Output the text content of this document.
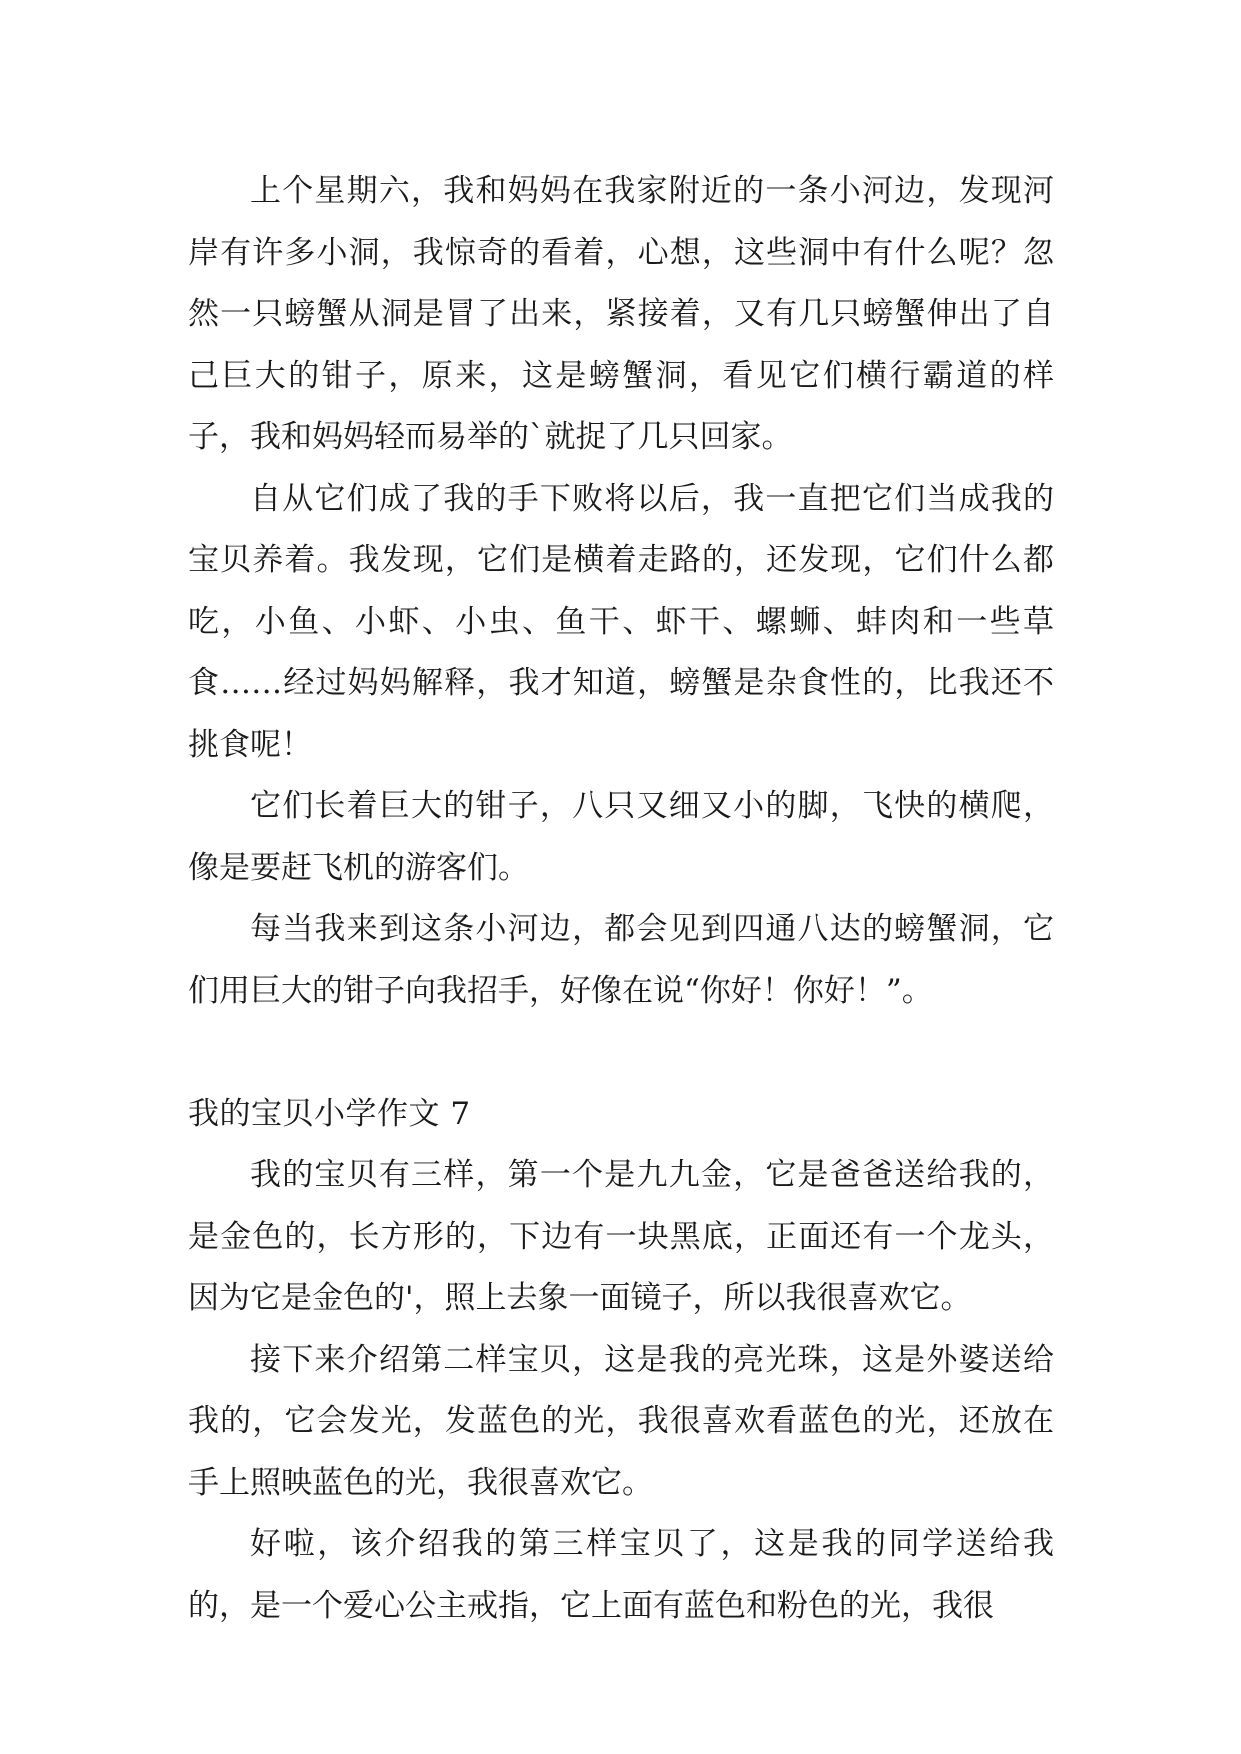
上个星期六，我和妈妈在我家附近的一条小河边，发现河岸有许多小洞，我惊奇的看着，心想，这些洞中有什么呢？忽然一只螃蟹从洞是冒了出来，紧接着，又有几只螃蟹伸出了自己巨大的钳子，原来，这是螃蟹洞，看见它们横行霸道的样子，我和妈妈轻而易举的`就捉了几只回家。

自从它们成了我的手下败将以后，我一直把它们当成我的宝贝养着。我发现，它们是横着走路的，还发现，它们什么都吃，小鱼、小虾、小虫、鱼干、虾干、螺蛳、蚌肉和一些草食……经过妈妈解释，我才知道，螃蟹是杂食性的，比我还不挑食呢！

它们长着巨大的钳子，八只又细又小的脚，飞快的横爬，像是要赶飞机的游客们。

每当我来到这条小河边，都会见到四通八达的螃蟹洞，它们用巨大的钳子向我招手，好像在说“你好！你好！”。

我的宝贝小学作文 7

我的宝贝有三样，第一个是九九金，它是爸爸送给我的，是金色的，长方形的，下边有一块黑底，正面还有一个龙头，因为它是金色的'，照上去象一面镜子，所以我很喜欢它。

接下来介绍第二样宝贝，这是我的亮光珠，这是外婆送给我的，它会发光，发蓝色的光，我很喜欢看蓝色的光，还放在手上照映蓝色的光，我很喜欢它。

好啦，该介绍我的第三样宝贝了，这是我的同学送给我的，是一个爱心公主戒指，它上面有蓝色和粉色的光，我很
